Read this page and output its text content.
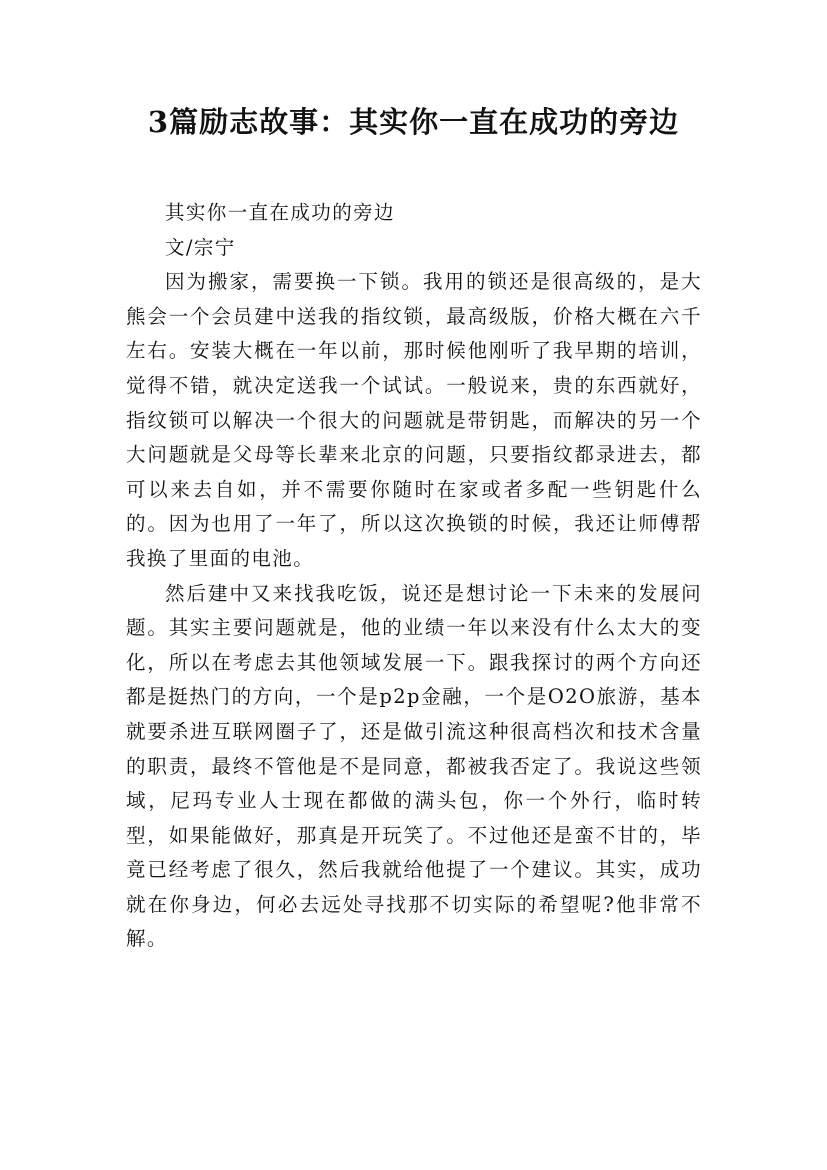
3篇励志故事：其实你一直在成功的旁边

其实你一直在成功的旁边

文/宗宁

因为搬家，需要换一下锁。我用的锁还是很高级的，是大熊会一个会员建中送我的指纹锁，最高级版，价格大概在六千左右。安装大概在一年以前，那时候他刚听了我早期的培训，觉得不错，就决定送我一个试试。一般说来，贵的东西就好，指纹锁可以解决一个很大的问题就是带钥匙，而解决的另一个大问题就是父母等长辈来北京的问题，只要指纹都录进去，都可以来去自如，并不需要你随时在家或者多配一些钥匙什么的。因为也用了一年了，所以这次换锁的时候，我还让师傅帮我换了里面的电池。

然后建中又来找我吃饭，说还是想讨论一下未来的发展问题。其实主要问题就是，他的业绩一年以来没有什么太大的变化，所以在考虑去其他领域发展一下。跟我探讨的两个方向还都是挺热门的方向，一个是p2p金融，一个是O2O旅游，基本就要杀进互联网圈子了，还是做引流这种很高档次和技术含量的职责，最终不管他是不是同意，都被我否定了。我说这些领域，尼玛专业人士现在都做的满头包，你一个外行，临时转型，如果能做好，那真是开玩笑了。不过他还是蛮不甘的，毕竟已经考虑了很久，然后我就给他提了一个建议。其实，成功就在你身边，何必去远处寻找那不切实际的希望呢?他非常不解。
